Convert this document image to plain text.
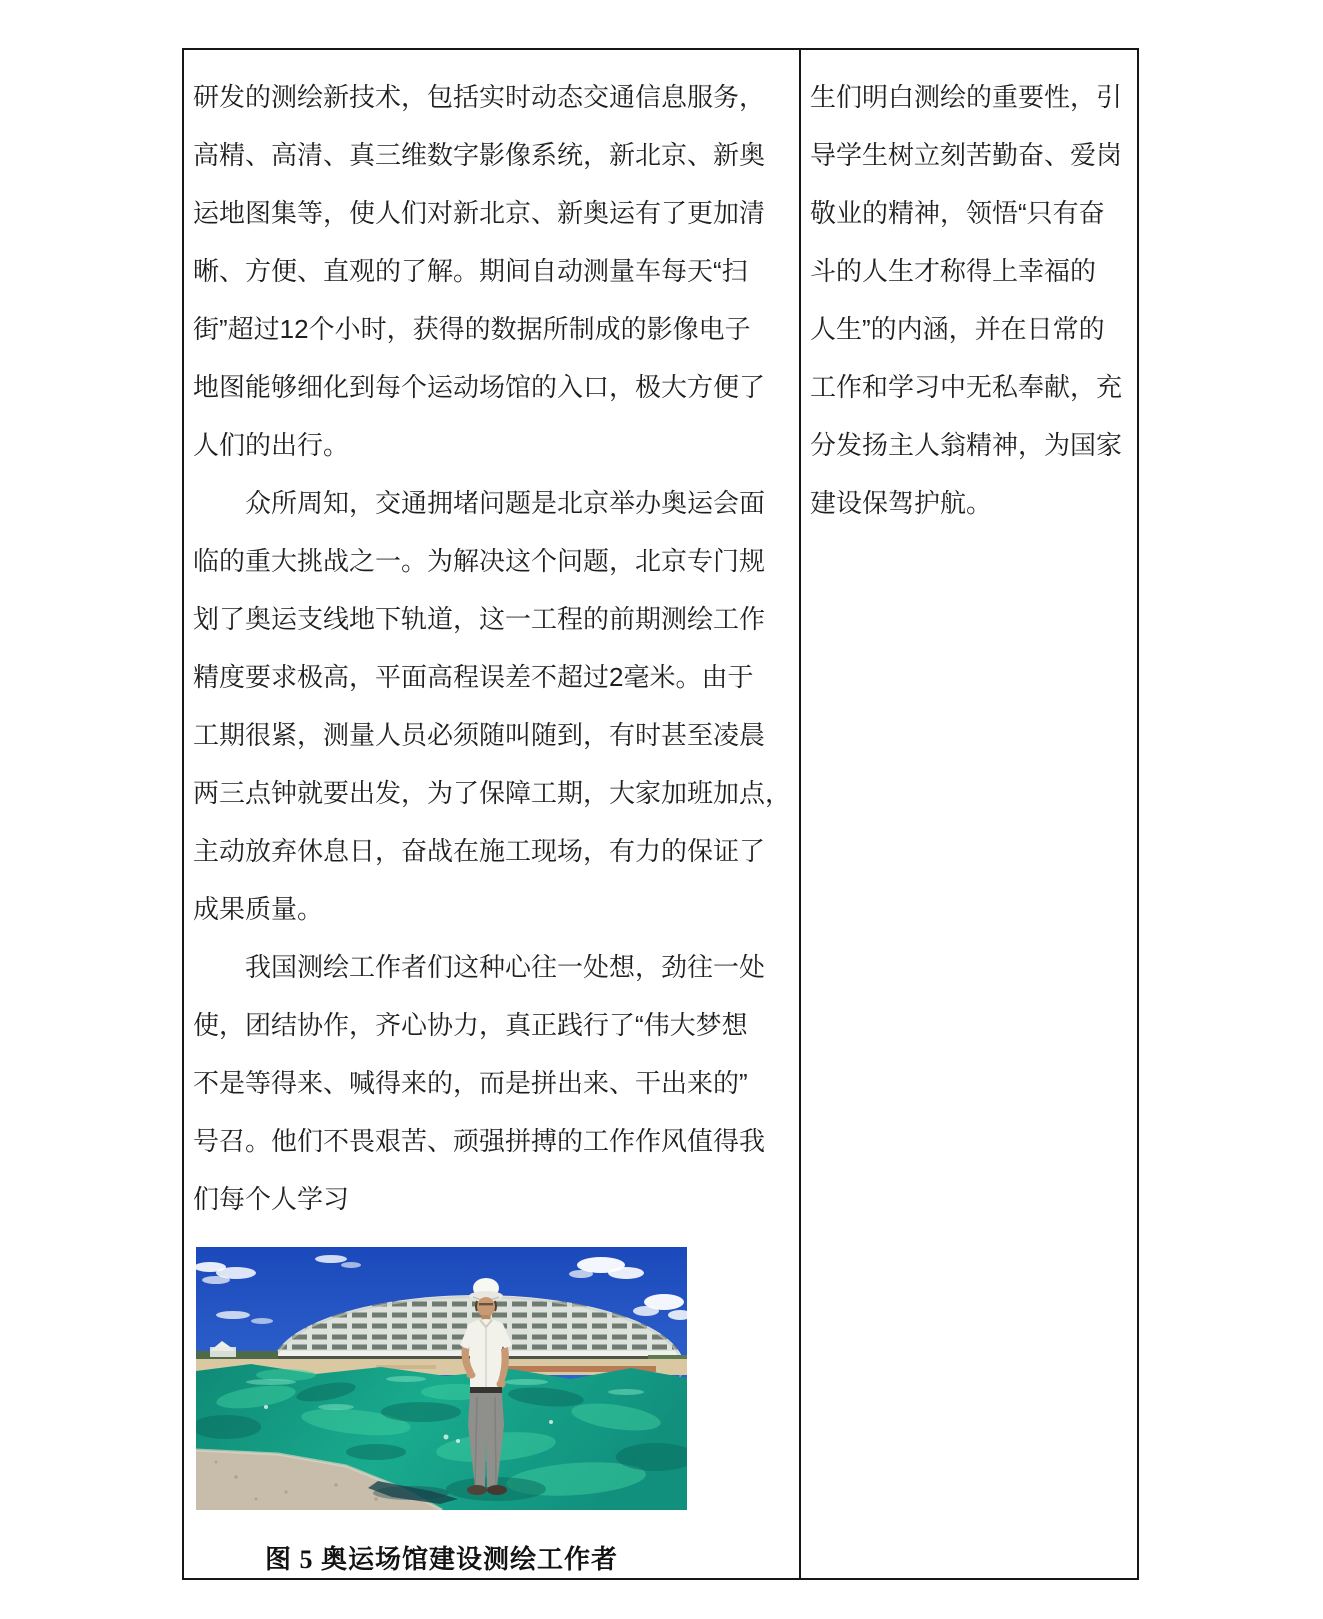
研发的测绘新技术，包括实时动态交通信息服务，
高精、高清、真三维数字影像系统，新北京、新奥
运地图集等，使人们对新北京、新奥运有了更加清
晰、方便、直观的了解。期间自动测量车每天“扫
街”超过12个小时，获得的数据所制成的影像电子
地图能够细化到每个运动场馆的入口，极大方便了
人们的出行。
众所周知，交通拥堵问题是北京举办奥运会面
临的重大挑战之一。为解决这个问题，北京专门规
划了奥运支线地下轨道，这一工程的前期测绘工作
精度要求极高，平面高程误差不超过2毫米。由于
工期很紧，测量人员必须随叫随到，有时甚至凌晨
两三点钟就要出发，为了保障工期，大家加班加点，
主动放弃休息日，奋战在施工现场，有力的保证了
成果质量。
我国测绘工作者们这种心往一处想，劲往一处
使，团结协作，齐心协力，真正践行了“伟大梦想
不是等得来、喊得来的，而是拼出来、干出来的”
号召。他们不畏艰苦、顽强拼搏的工作作风值得我
们每个人学习
图 5 奥运场馆建设测绘工作者
生们明白测绘的重要性，引
导学生树立刻苦勤奋、爱岗
敬业的精神，领悟“只有奋
斗的人生才称得上幸福的
人生”的内涵，并在日常的
工作和学习中无私奉献，充
分发扬主人翁精神，为国家
建设保驾护航。
